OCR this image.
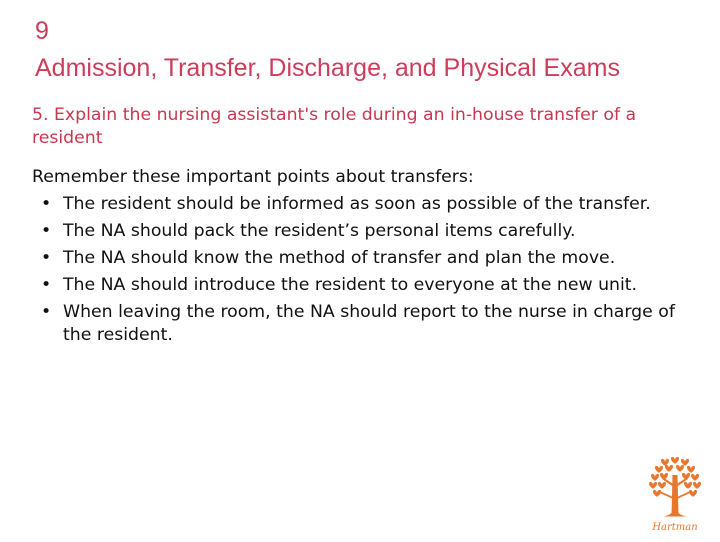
9
Admission, Transfer, Discharge, and Physical Exams
5. Explain the nursing assistant's role during an in-house transfer of a resident
Remember these important points about transfers:
• The resident should be informed as soon as possible of the transfer.
• The NA should pack the resident’s personal items carefully.
• The NA should know the method of transfer and plan the move.
• The NA should introduce the resident to everyone at the new unit.
• When leaving the room, the NA should report to the nurse in charge of the resident.
Hartman
